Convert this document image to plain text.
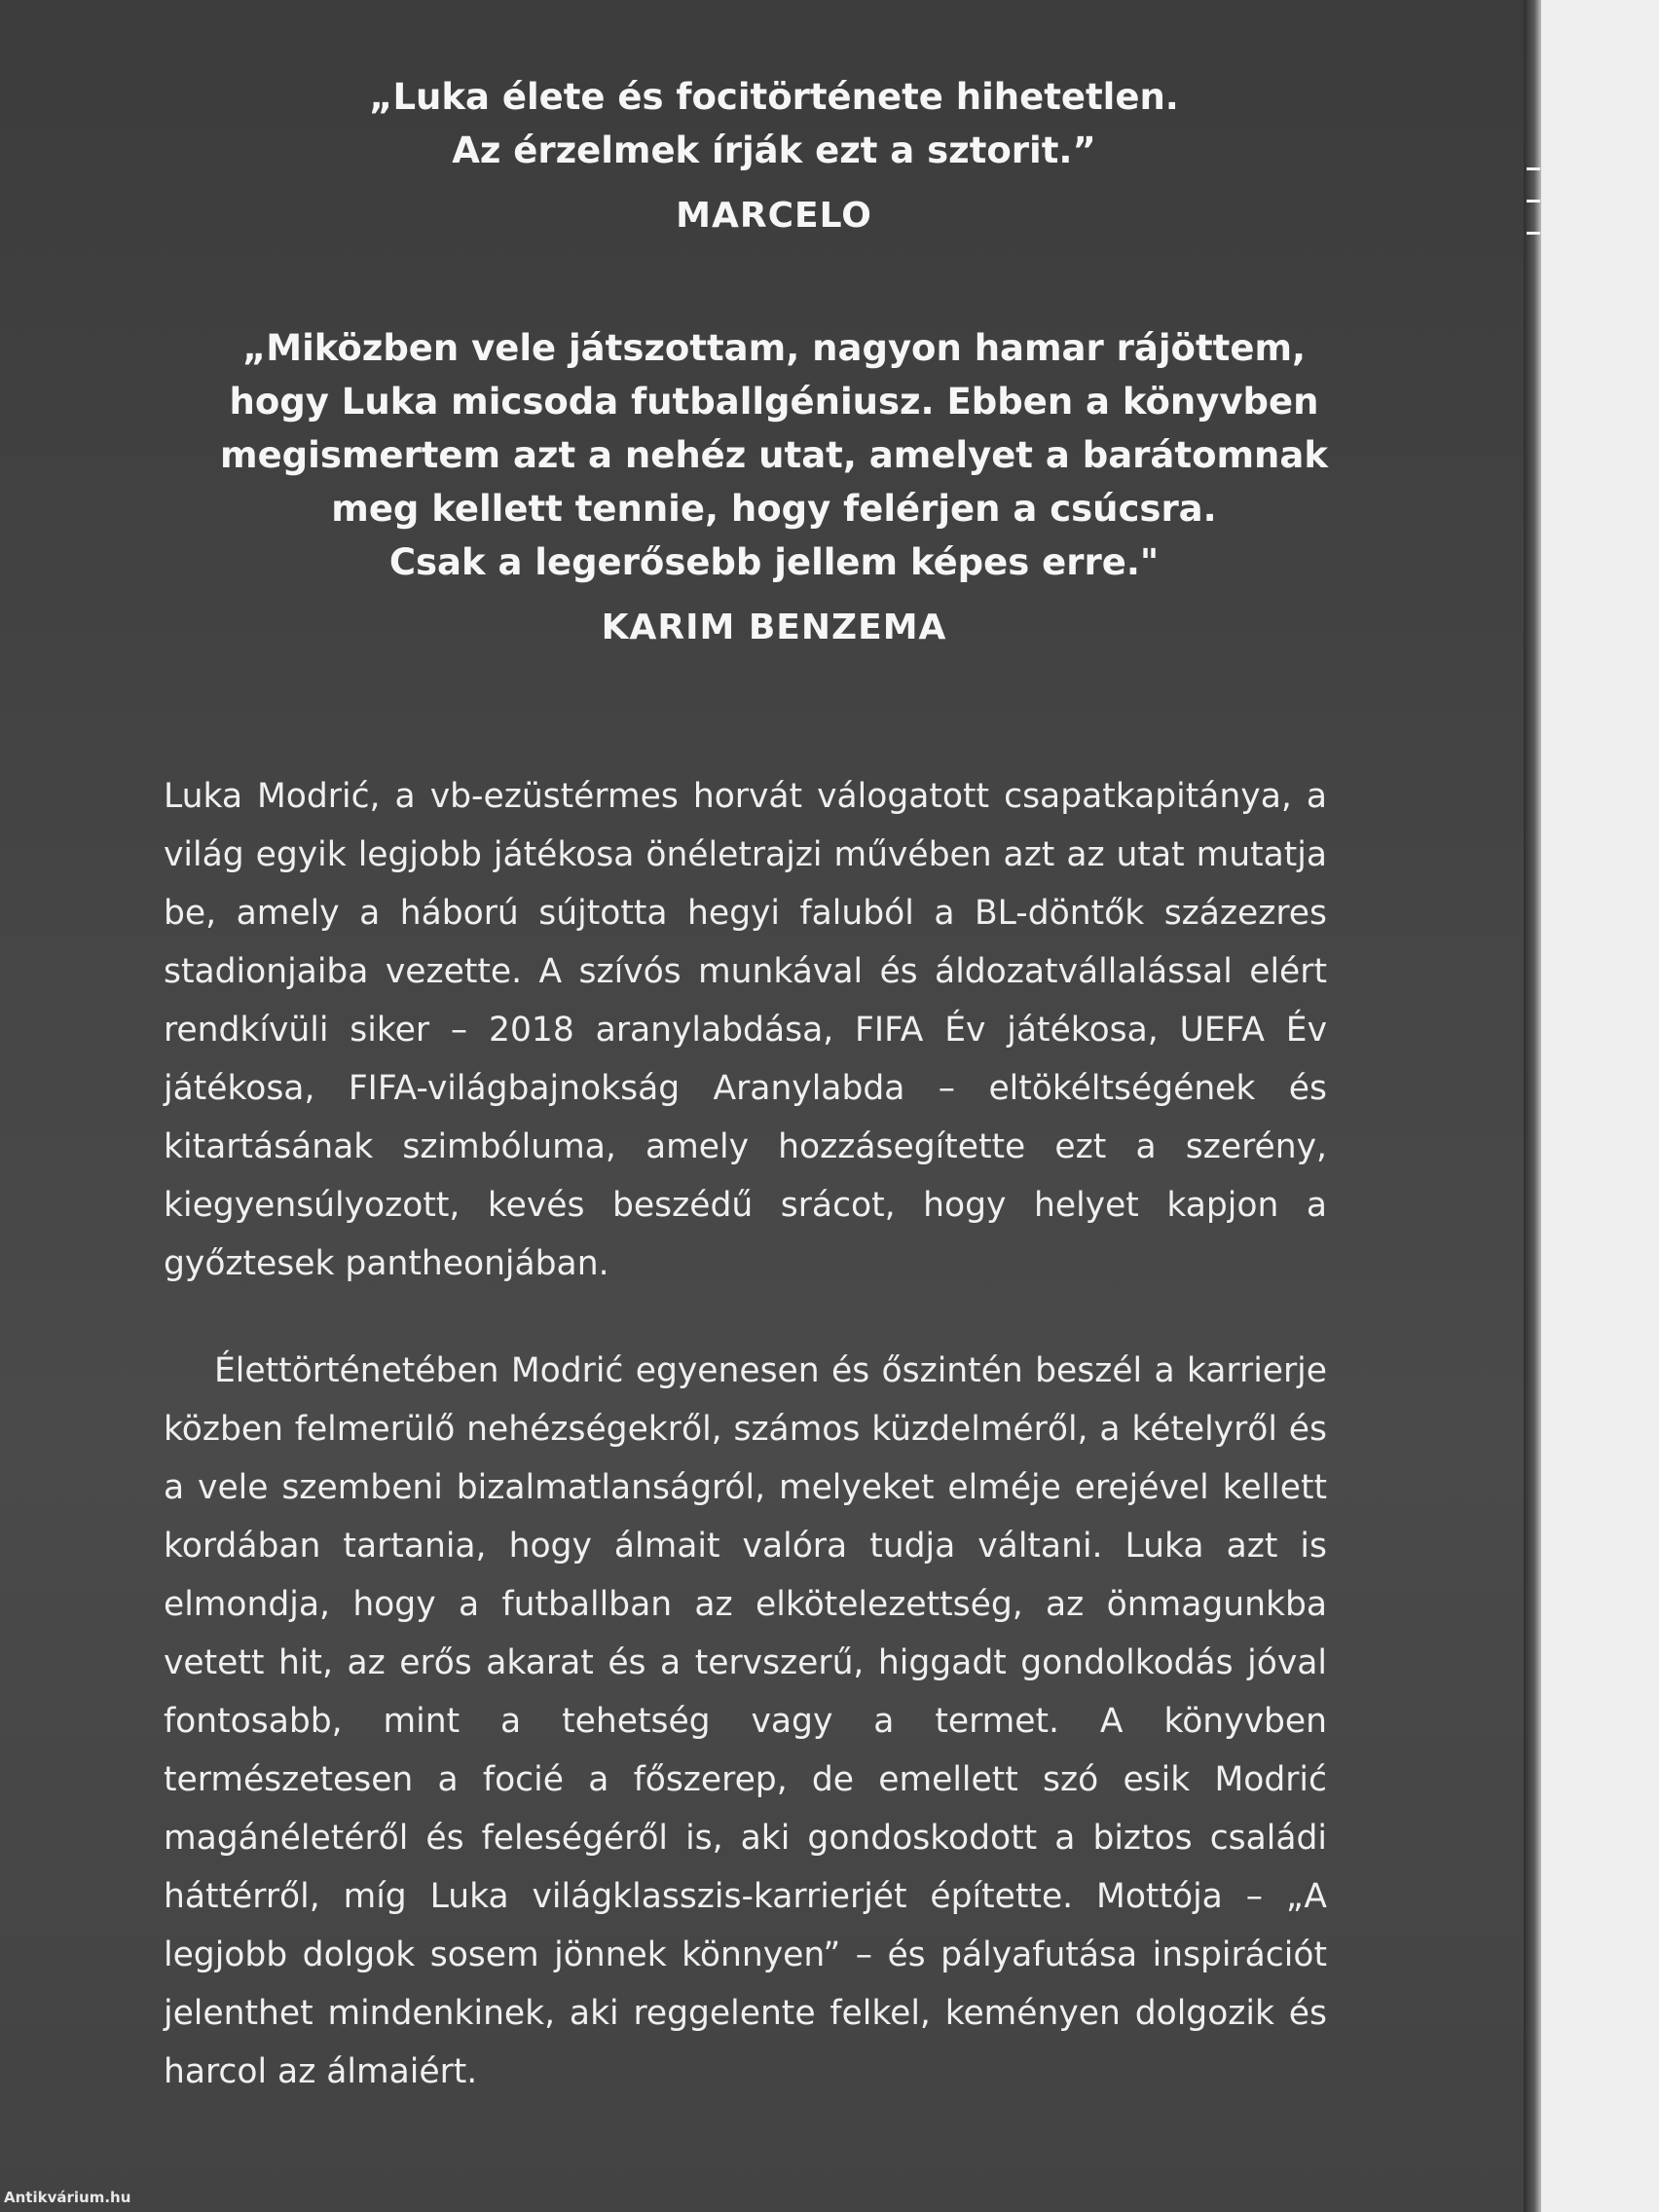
„Luka élete és focitörténete hihetetlen.
Az érzelmek írják ezt a sztorit.”

MARCELO

„Miközben vele játszottam, nagyon hamar rájöttem,
hogy Luka micsoda futballgéniusz. Ebben a könyvben
megismertem azt a nehéz utat, amelyet a barátomnak
meg kellett tennie, hogy felérjen a csúcsra.
Csak a legerősebb jellem képes erre."

KARIM BENZEMA

Luka Modrić, a vb-ezüstérmes horvát válogatott csapatkapitánya, a világ egyik legjobb játékosa önéletrajzi művében azt az utat mutatja be, amely a háború sújtotta hegyi faluból a BL-döntők százezres stadionjaiba vezette. A szívós munkával és áldozatvállalással elért rendkívüli siker – 2018 aranylabdása, FIFA Év játékosa, UEFA Év játékosa, FIFA-világbajnokság Aranylabda – eltökéltségének és kitartásának szimbóluma, amely hozzásegítette ezt a szerény, kiegyensúlyozott, kevés beszédű srácot, hogy helyet kapjon a győztesek pantheonjában.

Élettörténetében Modrić egyenesen és őszintén beszél a karrierje közben felmerülő nehézségekről, számos küzdelméről, a kételyről és a vele szembeni bizalmatlanságról, melyeket elméje erejével kellett kordában tartania, hogy álmait valóra tudja váltani. Luka azt is elmondja, hogy a futballban az elkötelezettség, az önmagunkba vetett hit, az erős akarat és a tervszerű, higgadt gondolkodás jóval fontosabb, mint a tehetség vagy a termet. A könyvben természetesen a focié a főszerep, de emellett szó esik Modrić magánéletéről és feleségéről is, aki gondoskodott a biztos családi háttérről, míg Luka világklasszis-karrierjét építette. Mottója – „A legjobb dolgok sosem jönnek könnyen” – és pályafutása inspirációt jelenthet mindenkinek, aki reggelente felkel, keményen dolgozik és harcol az álmaiért.

Antikvárium.hu
